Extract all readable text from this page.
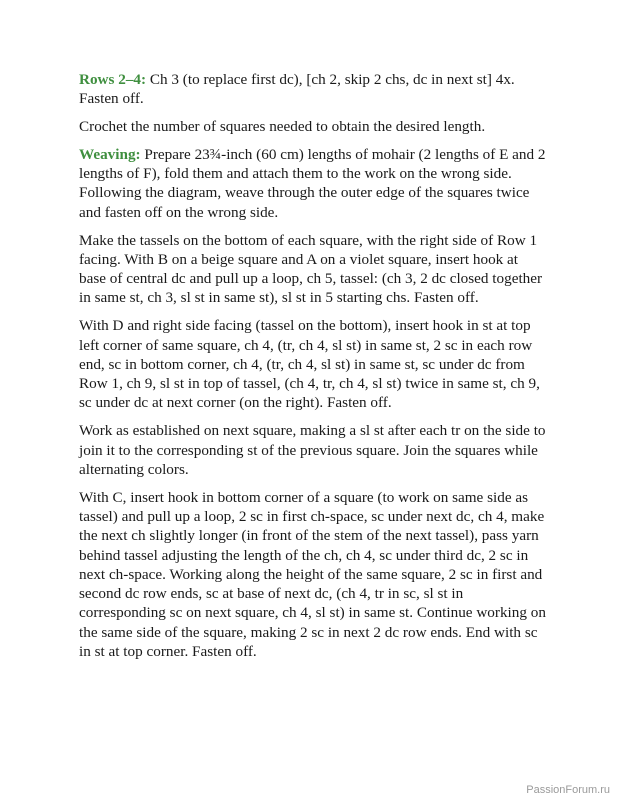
Rows 2–4: Ch 3 (to replace first dc), [ch 2, skip 2 chs, dc in next st] 4x. Fasten off.

Crochet the number of squares needed to obtain the desired length.

Weaving: Prepare 23¾-inch (60 cm) lengths of mohair (2 lengths of E and 2 lengths of F), fold them and attach them to the work on the wrong side. Following the diagram, weave through the outer edge of the squares twice and fasten off on the wrong side.

Make the tassels on the bottom of each square, with the right side of Row 1 facing. With B on a beige square and A on a violet square, insert hook at base of central dc and pull up a loop, ch 5, tassel: (ch 3, 2 dc closed together in same st, ch 3, sl st in same st), sl st in 5 starting chs. Fasten off.

With D and right side facing (tassel on the bottom), insert hook in st at top left corner of same square, ch 4, (tr, ch 4, sl st) in same st, 2 sc in each row end, sc in bottom corner, ch 4, (tr, ch 4, sl st) in same st, sc under dc from Row 1, ch 9, sl st in top of tassel, (ch 4, tr, ch 4, sl st) twice in same st, ch 9, sc under dc at next corner (on the right). Fasten off.

Work as established on next square, making a sl st after each tr on the side to join it to the corresponding st of the previous square. Join the squares while alternating colors.

With C, insert hook in bottom corner of a square (to work on same side as tassel) and pull up a loop, 2 sc in first ch-space, sc under next dc, ch 4, make the next ch slightly longer (in front of the stem of the next tassel), pass yarn behind tassel adjusting the length of the ch, ch 4, sc under third dc, 2 sc in next ch-space. Working along the height of the same square, 2 sc in first and second dc row ends, sc at base of next dc, (ch 4, tr in sc, sl st in corresponding sc on next square, ch 4, sl st) in same st. Continue working on the same side of the square, making 2 sc in next 2 dc row ends. End with sc in st at top corner. Fasten off.

PassionForum.ru
